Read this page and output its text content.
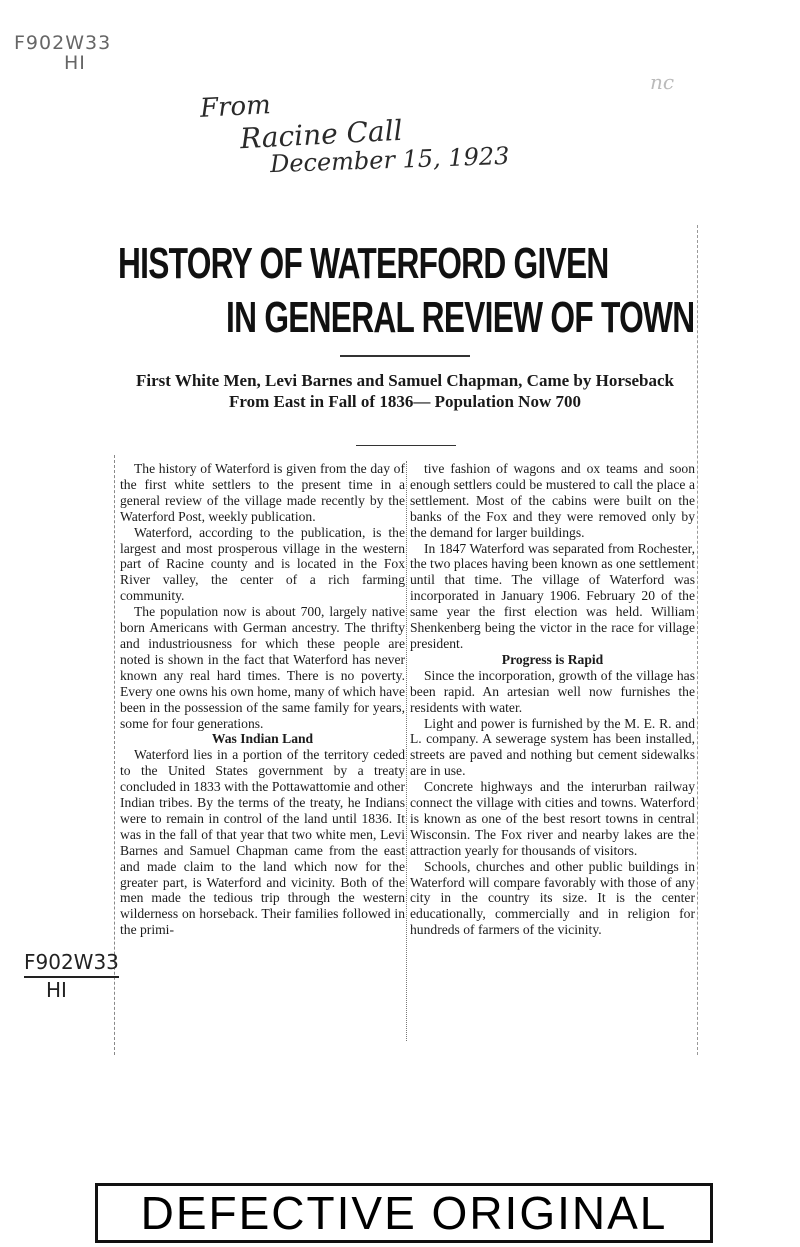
F902W33
HI
nc
From
Racine Call
December 15, 1923
HISTORY OF WATERFORD GIVEN
IN GENERAL REVIEW OF TOWN
First White Men, Levi Barnes and Samuel Chapman, Came by Horseback From East in Fall of 1836— Population Now 700

The history of Waterford is given from the day of the first white settlers to the present time in a general review of the village made recently by the Waterford Post, weekly publication.

Waterford, according to the publication, is the largest and most prosperous village in the western part of Racine county and is located in the Fox River valley, the center of a rich farming community.

The population now is about 700, largely native born Americans with German ancestry. The thrifty and industriousness for which these people are noted is shown in the fact that Waterford has never known any real hard times. There is no poverty. Every one owns his own home, many of which have been in the possession of the same family for years, some for four generations.

Was Indian Land

Waterford lies in a portion of the territory ceded to the United States government by a treaty concluded in 1833 with the Pottawattomie and other Indian tribes. By the terms of the treaty, he Indians were to remain in control of the land until 1836. It was in the fall of that year that two white men, Levi Barnes and Samuel Chapman came from the east and made claim to the land which now for the greater part, is Waterford and vicinity. Both of the men made the tedious trip through the western wilderness on horseback. Their families followed in the primi-

tive fashion of wagons and ox teams and soon enough settlers could be mustered to call the place a settlement. Most of the cabins were built on the banks of the Fox and they were removed only by the demand for larger buildings.

In 1847 Waterford was separated from Rochester, the two places having been known as one settlement until that time. The village of Waterford was incorporated in January 1906. February 20 of the same year the first election was held. William Shenkenberg being the victor in the race for village president.

Progress is Rapid

Since the incorporation, growth of the village has been rapid. An artesian well now furnishes the residents with water.

Light and power is furnished by the M. E. R. and L. company. A sewerage system has been installed, streets are paved and nothing but cement sidewalks are in use.

Concrete highways and the interurban railway connect the village with cities and towns. Waterford is known as one of the best resort towns in central Wisconsin. The Fox river and nearby lakes are the attraction yearly for thousands of visitors.

Schools, churches and other public buildings in Waterford will compare favorably with those of any city in the country its size. It is the center educationally, commercially and in religion for hundreds of farmers of the vicinity.

F902W33
HI
DEFECTIVE ORIGINAL
